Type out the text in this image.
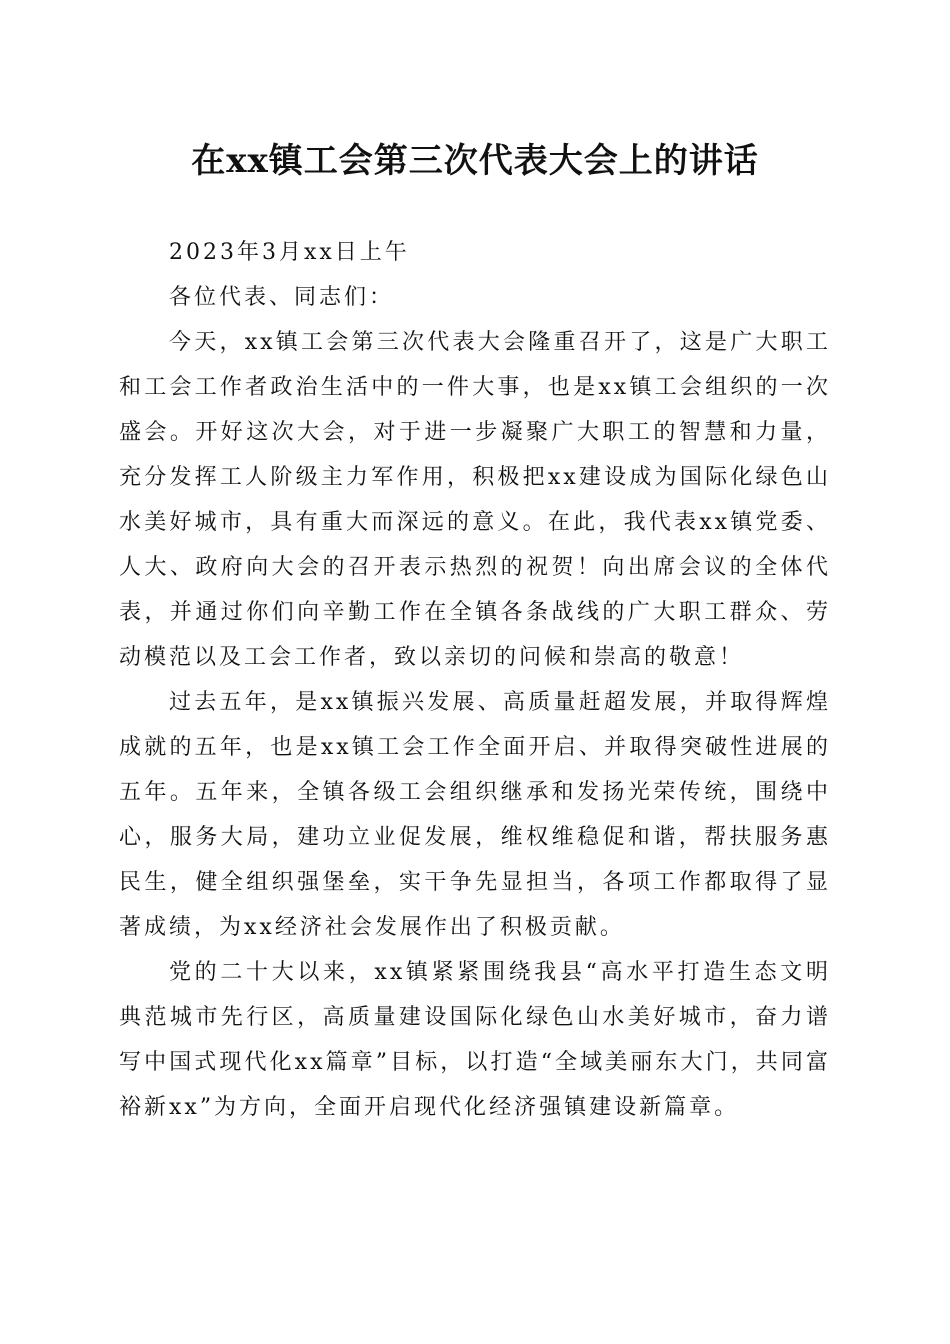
在xx镇工会第三次代表大会上的讲话

2023年3月xx日上午

各位代表、同志们：

今天，xx镇工会第三次代表大会隆重召开了，这是广大职工和工会工作者政治生活中的一件大事，也是xx镇工会组织的一次盛会。开好这次大会，对于进一步凝聚广大职工的智慧和力量，充分发挥工人阶级主力军作用，积极把xx建设成为国际化绿色山水美好城市，具有重大而深远的意义。在此，我代表xx镇党委、人大、政府向大会的召开表示热烈的祝贺！向出席会议的全体代表，并通过你们向辛勤工作在全镇各条战线的广大职工群众、劳动模范以及工会工作者，致以亲切的问候和崇高的敬意！

过去五年，是xx镇振兴发展、高质量赶超发展，并取得辉煌成就的五年，也是xx镇工会工作全面开启、并取得突破性进展的五年。五年来，全镇各级工会组织继承和发扬光荣传统，围绕中心，服务大局，建功立业促发展，维权维稳促和谐，帮扶服务惠民生，健全组织强堡垒，实干争先显担当，各项工作都取得了显著成绩，为xx经济社会发展作出了积极贡献。

党的二十大以来，xx镇紧紧围绕我县“高水平打造生态文明典范城市先行区，高质量建设国际化绿色山水美好城市，奋力谱写中国式现代化xx篇章”目标，以打造“全域美丽东大门，共同富裕新xx”为方向，全面开启现代化经济强镇建设新篇章。
